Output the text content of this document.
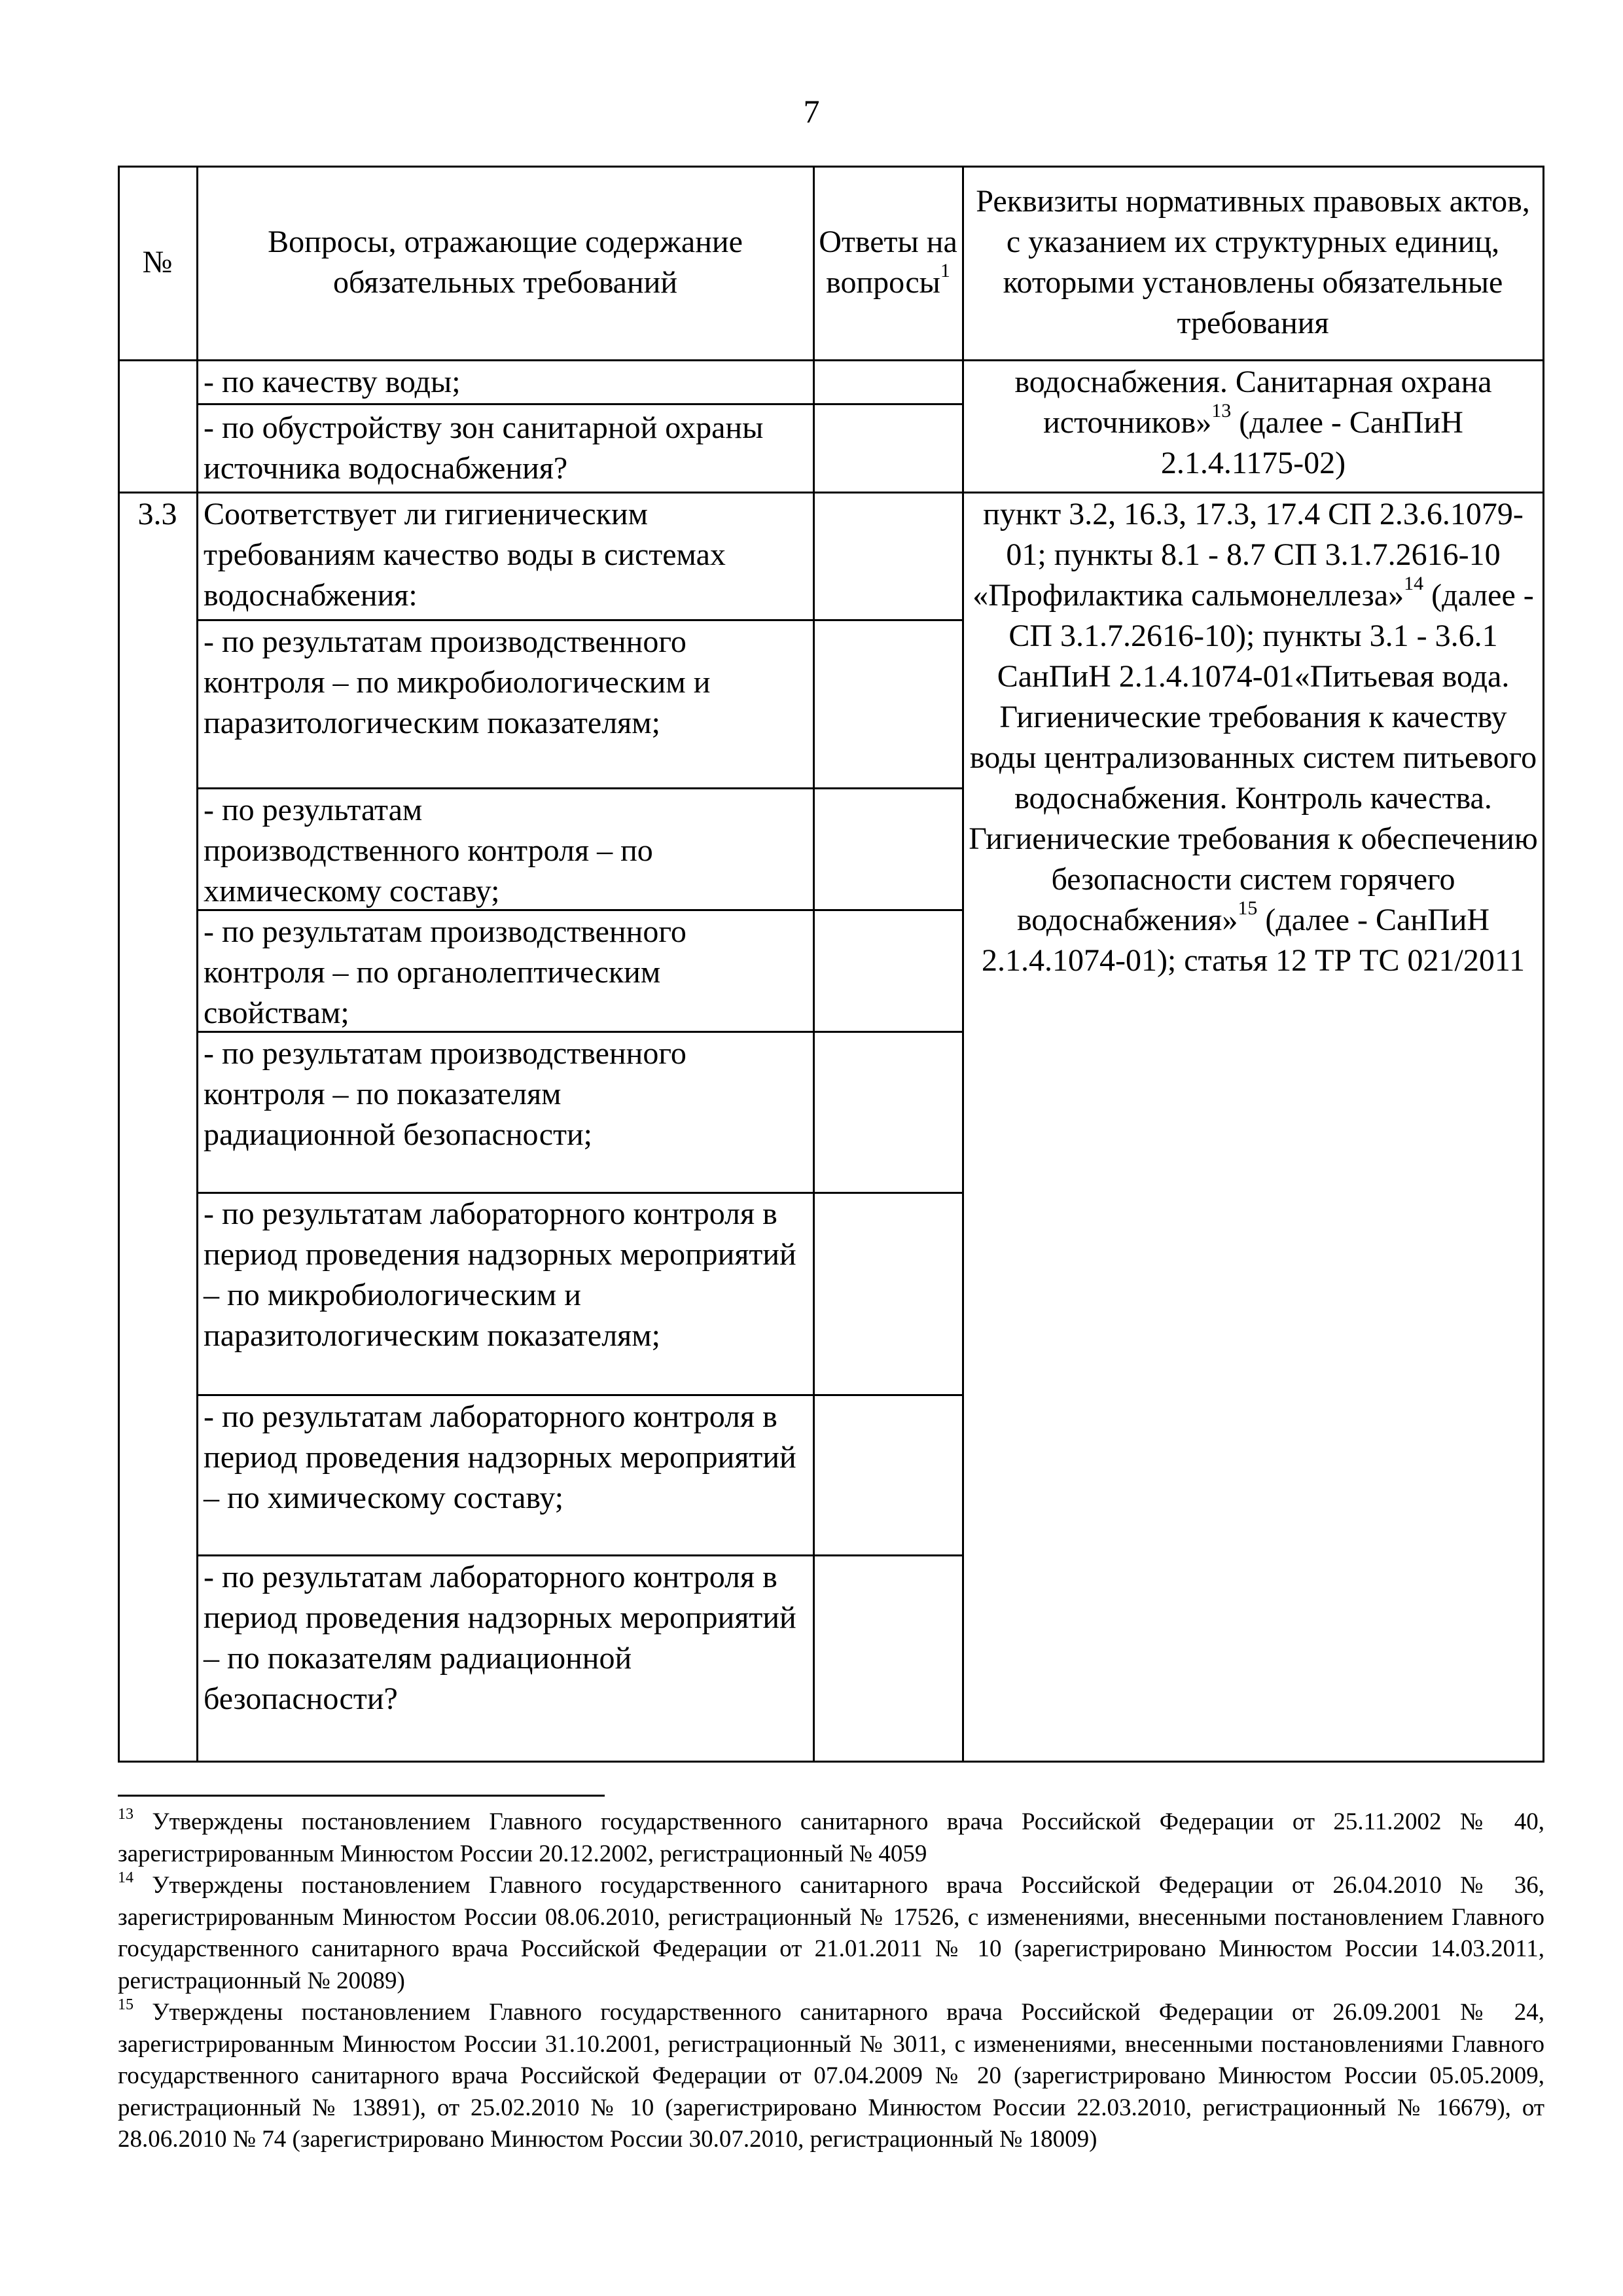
7
№
Вопросы, отражающие содержание обязательных требований
Ответы на вопросы$^1$
Реквизиты нормативных правовых актов, с указанием их структурных единиц, которыми установлены обязательные требования
- по качеству воды;
- по обустройству зон санитарной охраны источника водоснабжения?
водоснабжения. Санитарная охрана источников»$^{13}$ (далее - СанПиН 2.1.4.1175-02)
3.3 Соответствует ли гигиеническим требованиям качество воды в системах водоснабжения:
- по результатам производственного контроля – по микробиологическим и паразитологическим показателям;
- по результатам производственного контроля – по химическому составу;
- по результатам производственного контроля – по органолептическим свойствам;
- по результатам производственного контроля – по показателям радиационной безопасности;
- по результатам лабораторного контроля в период проведения надзорных мероприятий – по микробиологическим и паразитологическим показателям;
- по результатам лабораторного контроля в период проведения надзорных мероприятий – по химическому составу;
- по результатам лабораторного контроля в период проведения надзорных мероприятий – по показателям радиационной безопасности?
пункт 3.2, 16.3, 17.3, 17.4 СП 2.3.6.1079-01; пункты 8.1 - 8.7 СП 3.1.7.2616-10 «Профилактика сальмонеллеза»$^{14}$ (далее - СП 3.1.7.2616-10); пункты 3.1 - 3.6.1 СанПиН 2.1.4.1074-01«Питьевая вода. Гигиенические требования к качеству воды централизованных систем питьевого водоснабжения. Контроль качества. Гигиенические требования к обеспечению безопасности систем горячего водоснабжения»$^{15}$ (далее - СанПиН 2.1.4.1074-01); статья 12 ТР ТС 021/2011

$^{13}$ Утверждены постановлением Главного государственного санитарного врача Российской Федерации от 25.11.2002 № 40, зарегистрированным Минюстом России 20.12.2002, регистрационный № 4059

$^{14}$ Утверждены постановлением Главного государственного санитарного врача Российской Федерации от 26.04.2010 № 36, зарегистрированным Минюстом России 08.06.2010, регистрационный № 17526, с изменениями, внесенными постановлением Главного государственного санитарного врача Российской Федерации от 21.01.2011 № 10 (зарегистрировано Минюстом России 14.03.2011, регистрационный № 20089)

$^{15}$ Утверждены постановлением Главного государственного санитарного врача Российской Федерации от 26.09.2001 № 24, зарегистрированным Минюстом России 31.10.2001, регистрационный № 3011, с изменениями, внесенными постановлениями Главного государственного санитарного врача Российской Федерации от 07.04.2009 № 20 (зарегистрировано Минюстом России 05.05.2009, регистрационный № 13891), от 25.02.2010 № 10 (зарегистрировано Минюстом России 22.03.2010, регистрационный № 16679), от 28.06.2010 № 74 (зарегистрировано Минюстом России 30.07.2010, регистрационный № 18009)
